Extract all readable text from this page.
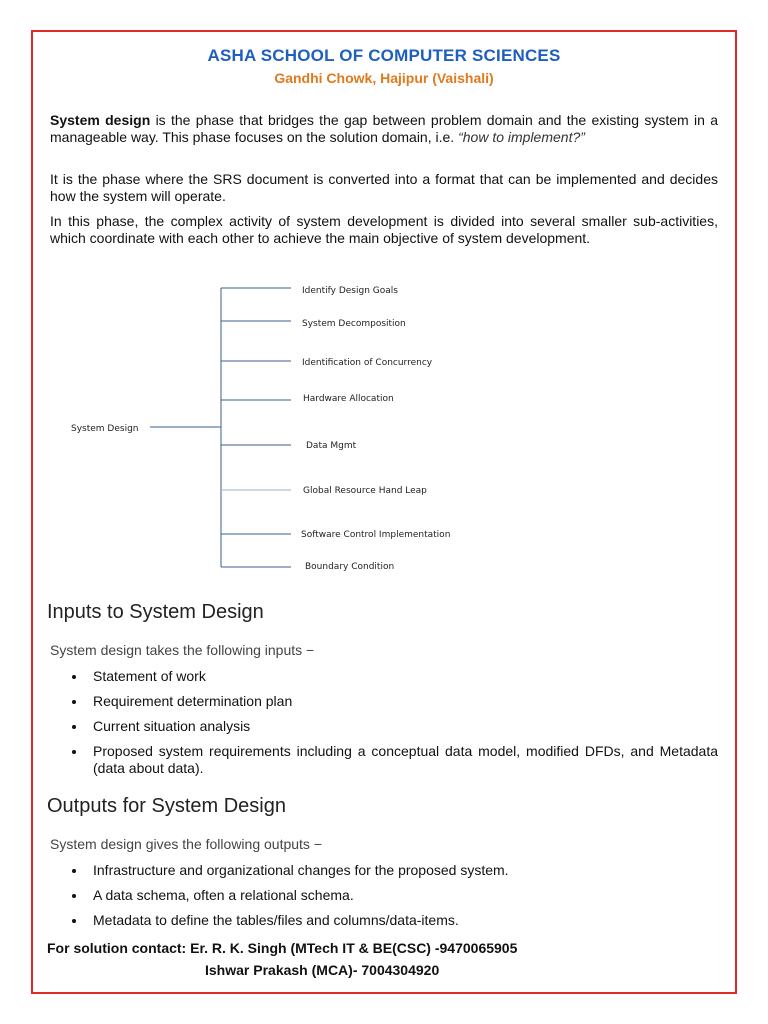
ASHA SCHOOL OF COMPUTER SCIENCES
Gandhi Chowk, Hajipur (Vaishali)

System design is the phase that bridges the gap between problem domain and the existing system in a manageable way. This phase focuses on the solution domain, i.e. “how to implement?”

It is the phase where the SRS document is converted into a format that can be implemented and decides how the system will operate.

In this phase, the complex activity of system development is divided into several smaller sub-activities, which coordinate with each other to achieve the main objective of system development.

System Design
Identify Design Goals
System Decomposition
Identification of Concurrency
Hardware Allocation
Data Mgmt
Global Resource Hand Leap
Software Control Implementation
Boundary Condition
Inputs to System Design
System design takes the following inputs −
Statement of work
Requirement determination plan
Current situation analysis
Proposed system requirements including a conceptual data model, modified DFDs, and Metadata (data about data).
Outputs for System Design
System design gives the following outputs −
Infrastructure and organizational changes for the proposed system.
A data schema, often a relational schema.
Metadata to define the tables/files and columns/data-items.
For solution contact: Er. R. K. Singh (MTech IT & BE(CSC) -9470065905
Ishwar Prakash (MCA)- 7004304920
